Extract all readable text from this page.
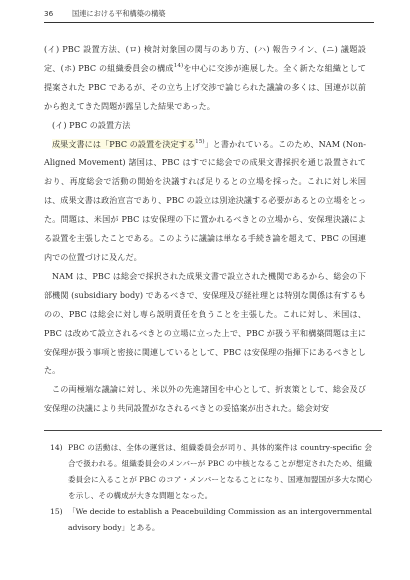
36	国連における平和構築の構築

(イ) PBC 設置方法、(ロ) 検討対象国の関与のあり方、(ハ) 報告ライン、(ニ) 議題設定、(ホ) PBC の組織委員会の構成$^{14)}$を中心に交渉が進展した。全く新たな組織として提案された PBC であるが、その立ち上げ交渉で論じられた議論の多くは、国連が以前から抱えてきた問題が露呈した結果であった。

(イ) PBC の設置方法

成果文書には「PBC の設置を決定する$^{15)}$」と書かれている。このため、NAM (Non-Aligned Movement) 諸国は、PBC はすでに総会での成果文書採択を通じ設置されており、再度総会で活動の開始を決議すれば足りるとの立場を採った。これに対し米国は、成果文書は政治宣言であり、PBC の設立は別途決議する必要があるとの立場をとった。問題は、米国が PBC は安保理の下に置かれるべきとの立場から、安保理決議による設置を主張したことである。このように議論は単なる手続き論を超えて、PBC の国連内での位置づけに及んだ。

NAM は、PBC は総会で採択された成果文書で設立された機関であるから、総会の下部機関 (subsidiary body) であるべきで、安保理及び経社理とは特別な関係は有するものの、PBC は総会に対し専ら説明責任を負うことを主張した。これに対し、米国は、PBC は改めて設立されるべきとの立場に立った上で、PBC が扱う平和構築問題は主に安保理が扱う事項と密接に関連しているとして、PBC は安保理の指揮下にあるべきとした。

この両極端な議論に対し、米以外の先進諸国を中心として、折衷策として、総会及び安保理の決議により共同設置がなされるべきとの妥協案が出された。総会対安

14) PBC の活動は、全体の運営は、組織委員会が司り、具体的案件は country-specific 会合で扱われる。組織委員会のメンバーが PBC の中核となることが想定されたため、組織委員会に入ることが PBC のコア・メンバーとなることになり、国連加盟国が多大な関心を示し、その構成が大きな問題となった。
15) 「We decide to establish a Peacebuilding Commission as an intergovernmental advisory body」とある。
